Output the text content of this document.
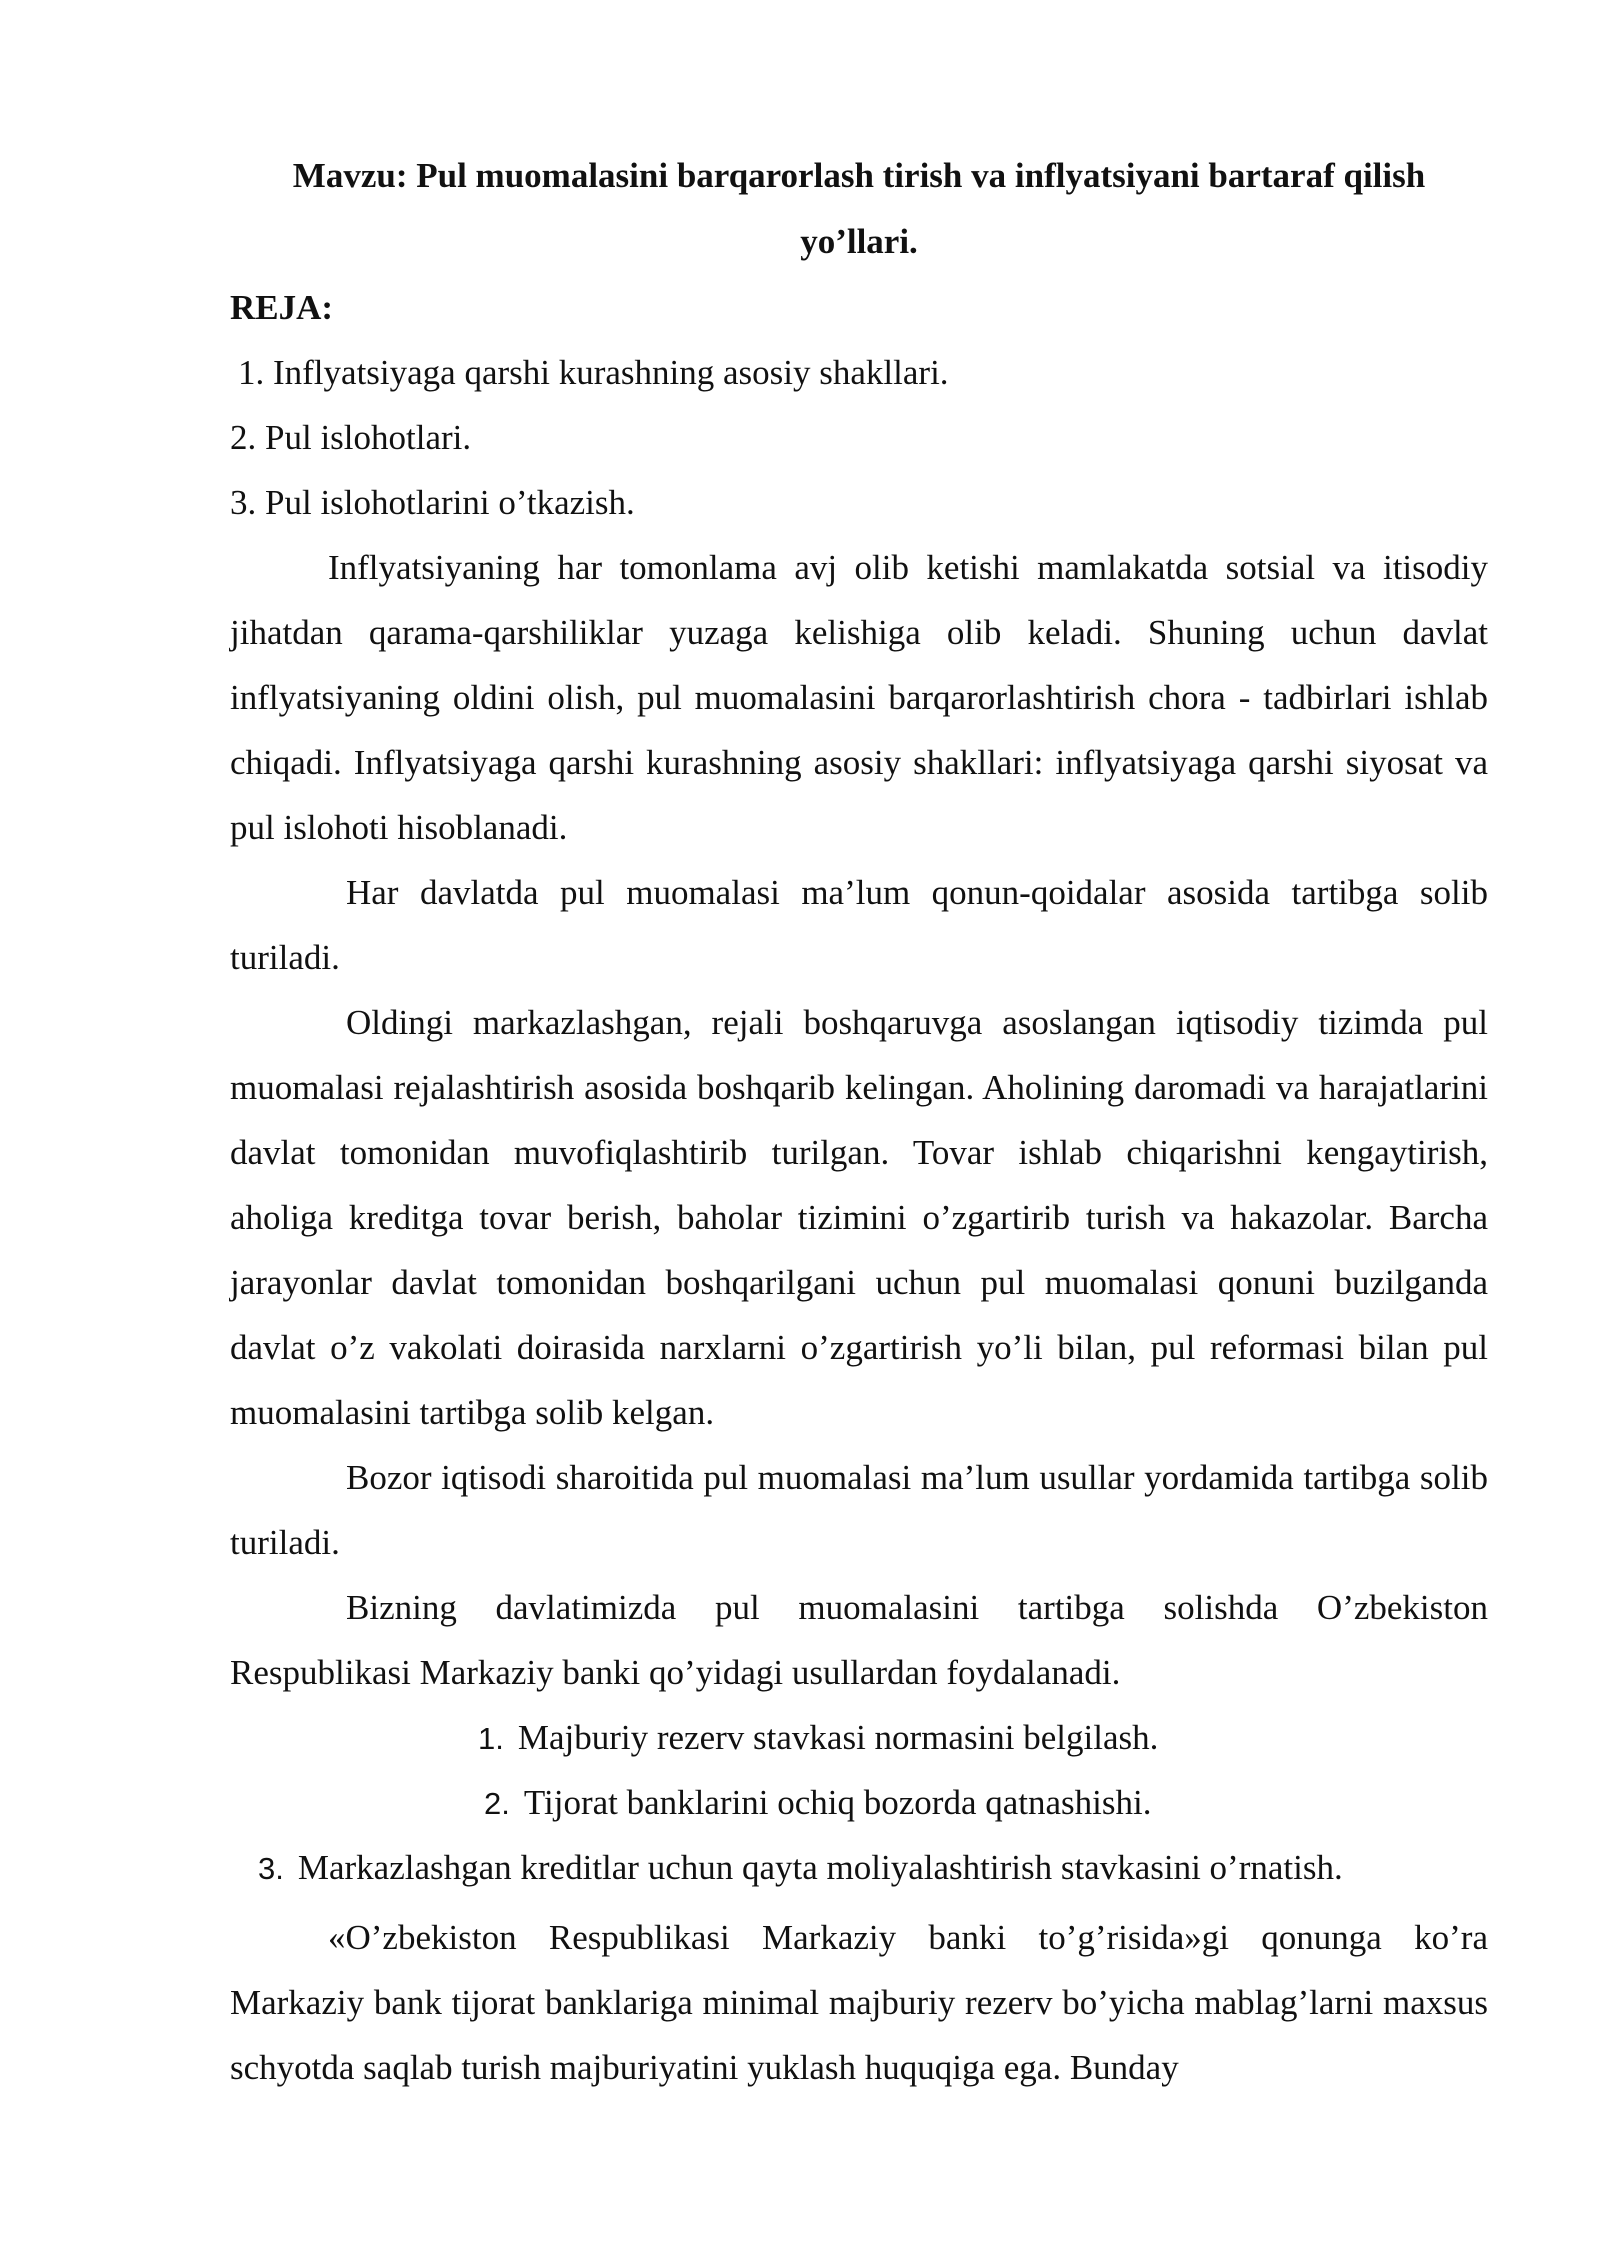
Mavzu: Pul muomalasini barqarorlash tirish va inflyatsiyani bartaraf qilish yo’llari.
REJA:
1. Inflyatsiyaga qarshi kurashning asosiy shakllari.
2. Pul islohotlari.
3. Pul islohotlarini o’tkazish.
Inflyatsiyaning har tomonlama avj olib ketishi mamlakatda sotsial va itisodiy jihatdan qarama-qarshiliklar yuzaga kelishiga olib keladi. Shuning uchun davlat inflyatsiyaning oldini olish, pul muomalasini barqarorlashtirish chora - tadbirlari ishlab chiqadi. Inflyatsiyaga qarshi kurashning asosiy shakllari: inflyatsiyaga qarshi siyosat va pul islohoti hisoblanadi.
Har davlatda pul muomalasi ma’lum qonun-qoidalar asosida tartibga solib turiladi.
Oldingi markazlashgan, rejali boshqaruvga asoslangan iqtisodiy tizimda pul muomalasi rejalashtirish asosida boshqarib kelingan. Aholining daromadi va harajatlarini davlat tomonidan muvofiqlashtirib turilgan. Tovar ishlab chiqarishni kengaytirish, aholiga kreditga tovar berish, baholar tizimini o’zgartirib turish va hakazolar. Barcha jarayonlar davlat tomonidan boshqarilgani uchun pul muomalasi qonuni buzilganda davlat o’z vakolati doirasida narxlarni o’zgartirish yo’li bilan, pul reformasi bilan pul muomalasini tartibga solib kelgan.
Bozor iqtisodi sharoitida pul muomalasi ma’lum usullar yordamida tartibga solib turiladi.
Bizning davlatimizda pul muomalasini tartibga solishda O’zbekiston Respublikasi Markaziy banki qo’yidagi usullardan foydalanadi.
1. Majburiy rezerv stavkasi normasini belgilash.
2. Tijorat banklarini ochiq bozorda qatnashishi.
3. Markazlashgan kreditlar uchun qayta moliyalashtirish stavkasini o’rnatish.
«O’zbekiston Respublikasi Markaziy banki to’g’risida»gi qonunga ko’ra Markaziy bank tijorat banklariga minimal majburiy rezerv bo’yicha mablag’larni maxsus schyotda saqlab turish majburiyatini yuklash huquqiga ega. Bunday
